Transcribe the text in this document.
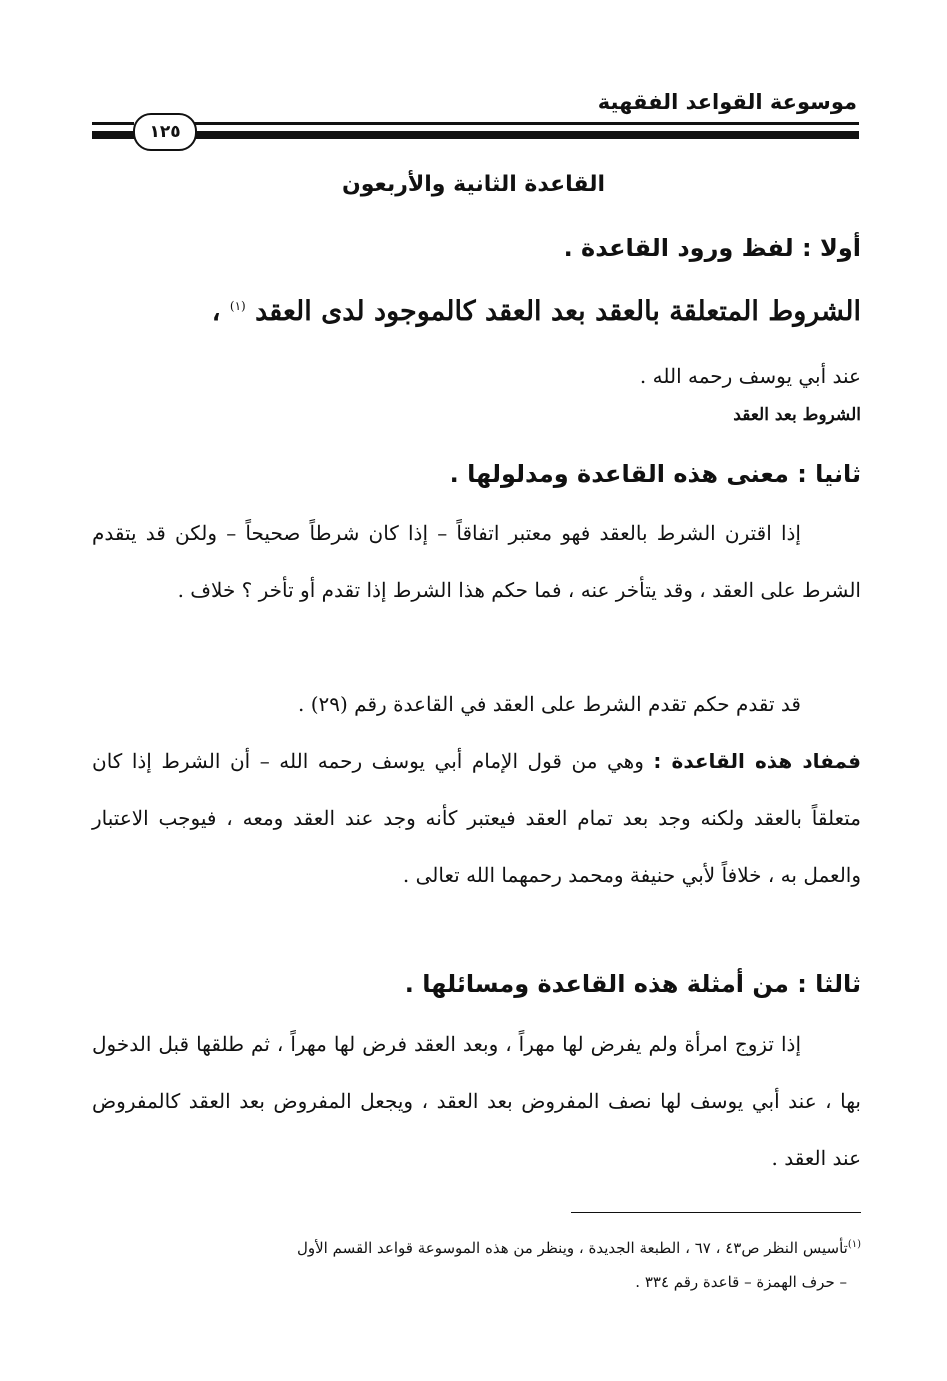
موسوعة القواعد الفقهية
١٢٥
القاعدة الثانية والأربعون
أولا : لفظ ورود القاعدة .
الشروط المتعلقة بالعقد بعد العقد كالموجود لدى العقد $^{(١)}$ ،
عند أبي يوسف رحمه الله .
الشروط بعد العقد
ثانيا : معنى هذه القاعدة ومدلولها .
إذا اقترن الشرط بالعقد فهو معتبر اتفاقاً – إذا كان شرطاً صحيحاً – ولكن قد يتقدم الشرط على العقد ، وقد يتأخر عنه ، فما حكم هذا الشرط إذا تقدم أو تأخر ؟ خلاف .
قد تقدم حكم تقدم الشرط على العقد في القاعدة رقم (٢٩) .
فمفاد هذه القاعدة : وهي من قول الإمام أبي يوسف رحمه الله – أن الشرط إذا كان متعلقاً بالعقد ولكنه وجد بعد تمام العقد فيعتبر كأنه وجد عند العقد ومعه ، فيوجب الاعتبار والعمل به ، خلافاً لأبي حنيفة ومحمد رحمهما الله تعالى .
ثالثا : من أمثلة هذه القاعدة ومسائلها .
إذا تزوج امرأة ولم يفرض لها مهراً ، وبعد العقد فرض لها مهراً ، ثم طلقها قبل الدخول بها ، عند أبي يوسف لها نصف المفروض بعد العقد ، ويجعل المفروض بعد العقد كالمفروض عند العقد .
$^{(١)}$تأسيس النظر ص٤٣ ، ٦٧ ، الطبعة الجديدة ، وينظر من هذه الموسوعة قواعد القسم الأول
– حرف الهمزة – قاعدة رقم ٣٣٤ .
